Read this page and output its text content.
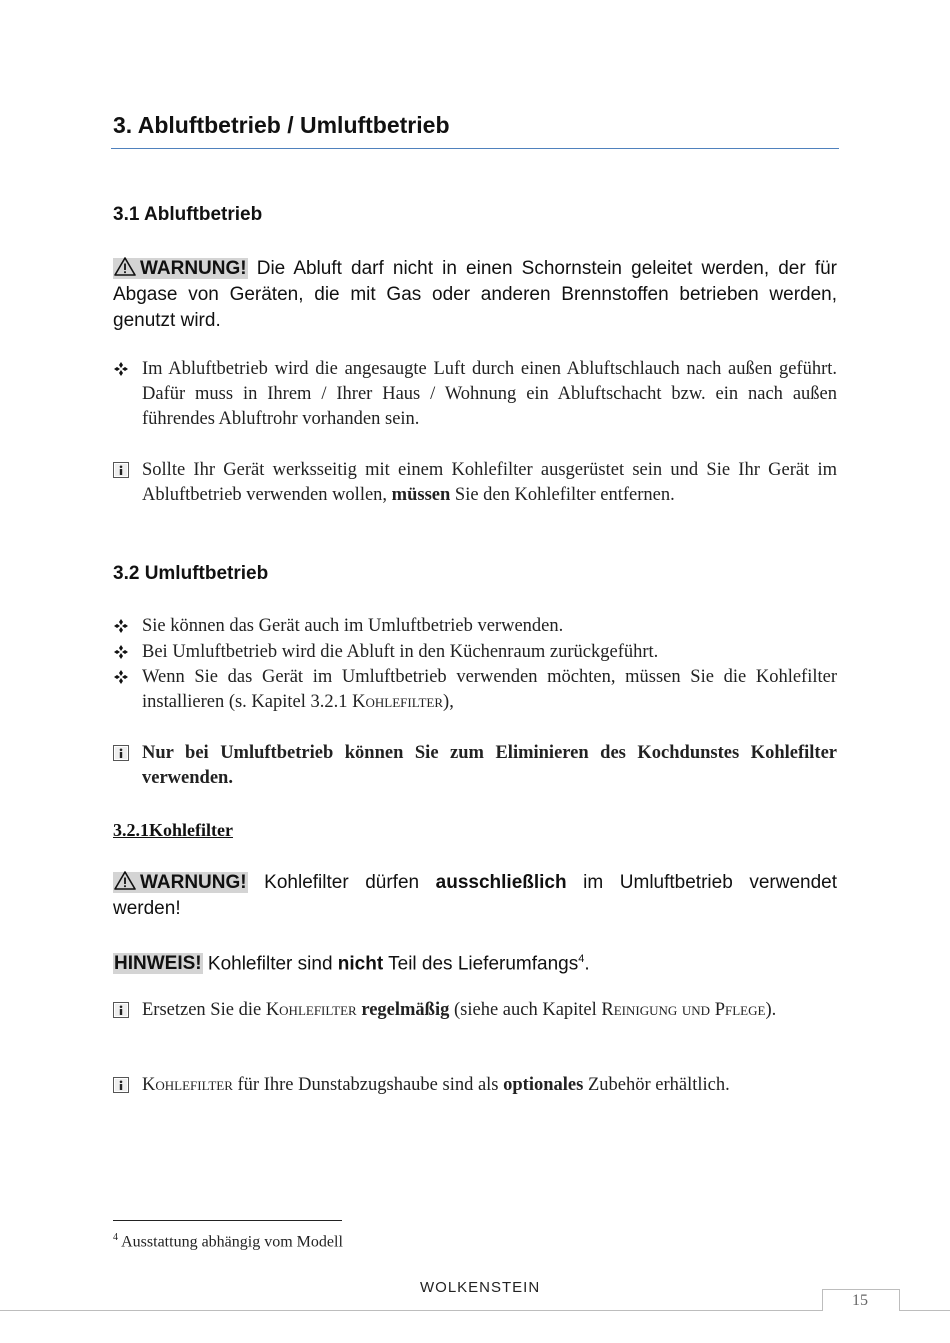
3. Abluftbetrieb / Umluftbetrieb
3.1 Abluftbetrieb
WARNUNG! Die Abluft darf nicht in einen Schornstein geleitet werden, der für Abgase von Geräten, die mit Gas oder anderen Brennstoffen betrieben werden, genutzt wird.
Im Abluftbetrieb wird die angesaugte Luft durch einen Abluftschlauch nach außen geführt. Dafür muss in Ihrem / Ihrer Haus / Wohnung ein Abluftschacht bzw. ein nach außen führendes Abluftrohr vorhanden sein.
Sollte Ihr Gerät werksseitig mit einem Kohlefilter ausgerüstet sein und Sie Ihr Gerät im Abluftbetrieb verwenden wollen, müssen Sie den Kohlefilter entfernen.
3.2 Umluftbetrieb
Sie können das Gerät auch im Umluftbetrieb verwenden.
Bei Umluftbetrieb wird die Abluft in den Küchenraum zurückgeführt.
Wenn Sie das Gerät im Umluftbetrieb verwenden möchten, müssen Sie die Kohlefilter installieren (s. Kapitel 3.2.1 Kohlefilter),
Nur bei Umluftbetrieb können Sie zum Eliminieren des Kochdunstes Kohlefilter verwenden.
3.2.1Kohlefilter
WARNUNG! Kohlefilter dürfen ausschließlich im Umluftbetrieb verwendet werden!
HINWEIS! Kohlefilter sind nicht Teil des Lieferumfangs$^4$.
Ersetzen Sie die Kohlefilter regelmäßig (siehe auch Kapitel Reinigung und Pflege).
Kohlefilter für Ihre Dunstabzugshaube sind als optionales Zubehör erhältlich.
$^4$ Ausstattung abhängig vom Modell
WOLKENSTEIN
15
